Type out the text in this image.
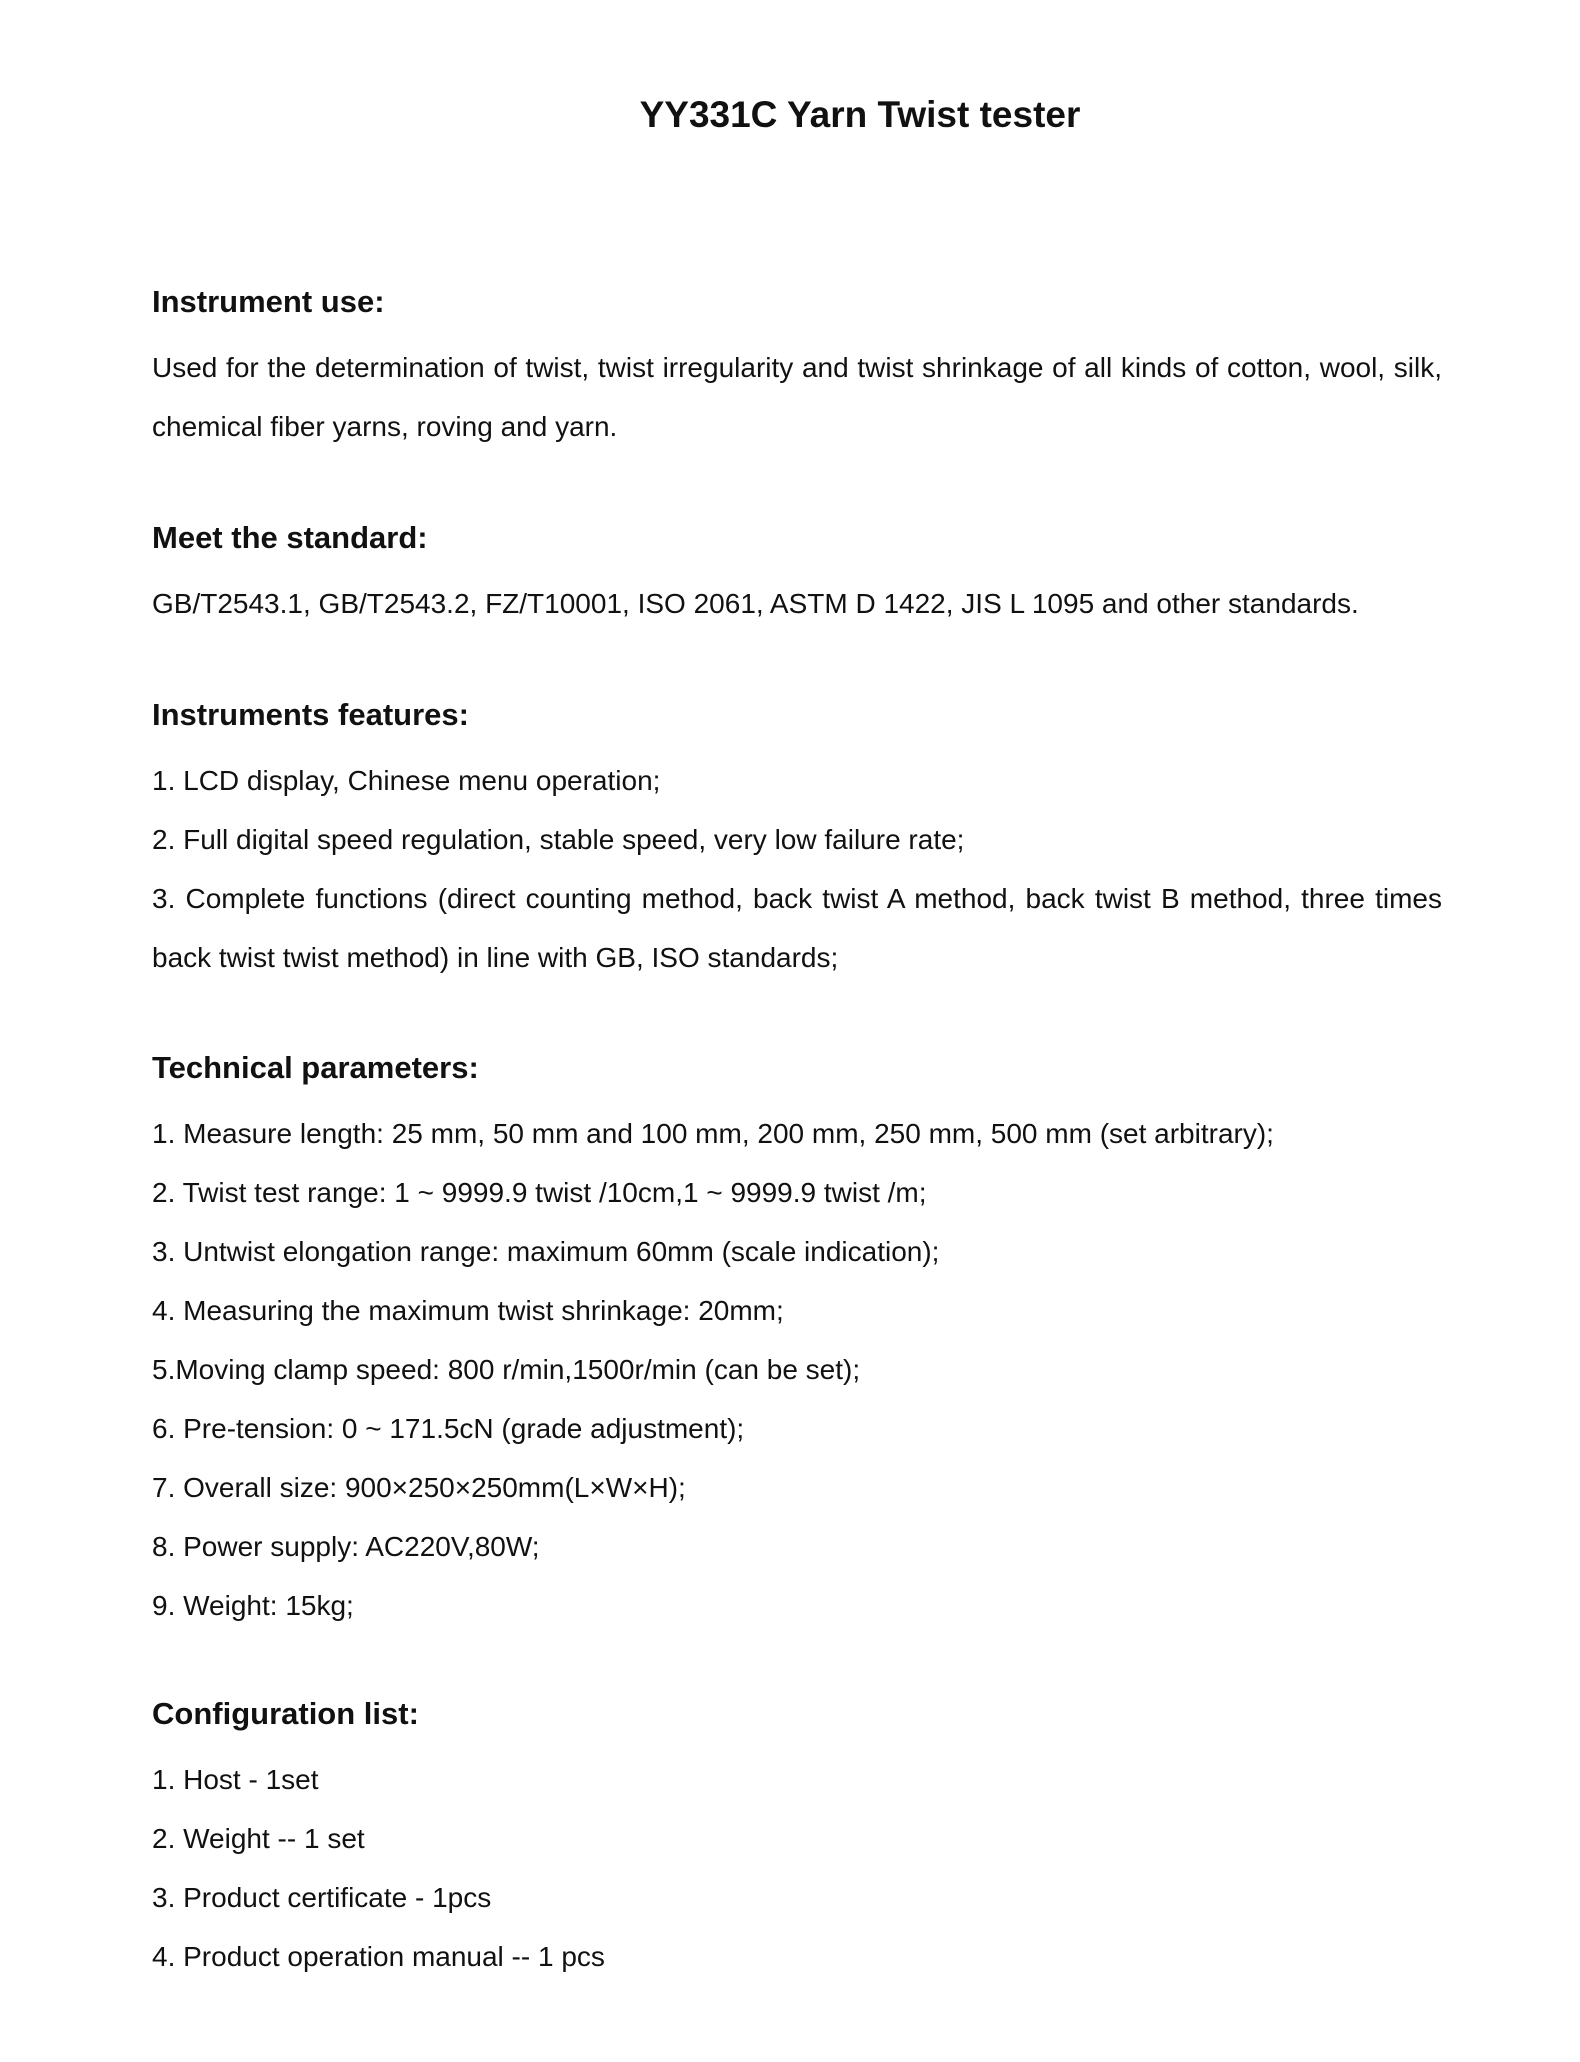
YY331C Yarn Twist tester
Instrument use:

Used for the determination of twist, twist irregularity and twist shrinkage of all kinds of cotton, wool, silk, chemical fiber yarns, roving and yarn.

Meet the standard:

GB/T2543.1, GB/T2543.2, FZ/T10001, ISO 2061, ASTM D 1422, JIS L 1095 and other standards.

Instruments features:
1. LCD display, Chinese menu operation;
2. Full digital speed regulation, stable speed, very low failure rate;
3. Complete functions (direct counting method, back twist A method, back twist B method, three times back twist twist method) in line with GB, ISO standards;
Technical parameters:
1. Measure length: 25 mm, 50 mm and 100 mm, 200 mm, 250 mm, 500 mm (set arbitrary);
2. Twist test range: 1 ~ 9999.9 twist /10cm,1 ~ 9999.9 twist /m;
3. Untwist elongation range: maximum 60mm (scale indication);
4. Measuring the maximum twist shrinkage: 20mm;
5.Moving clamp speed: 800 r/min,1500r/min (can be set);
6. Pre-tension: 0 ~ 171.5cN (grade adjustment);
7. Overall size: 900×250×250mm(L×W×H);
8. Power supply: AC220V,80W;
9. Weight: 15kg;
Configuration list:
1. Host - 1set
2. Weight -- 1 set
3. Product certificate - 1pcs
4. Product operation manual -- 1 pcs
